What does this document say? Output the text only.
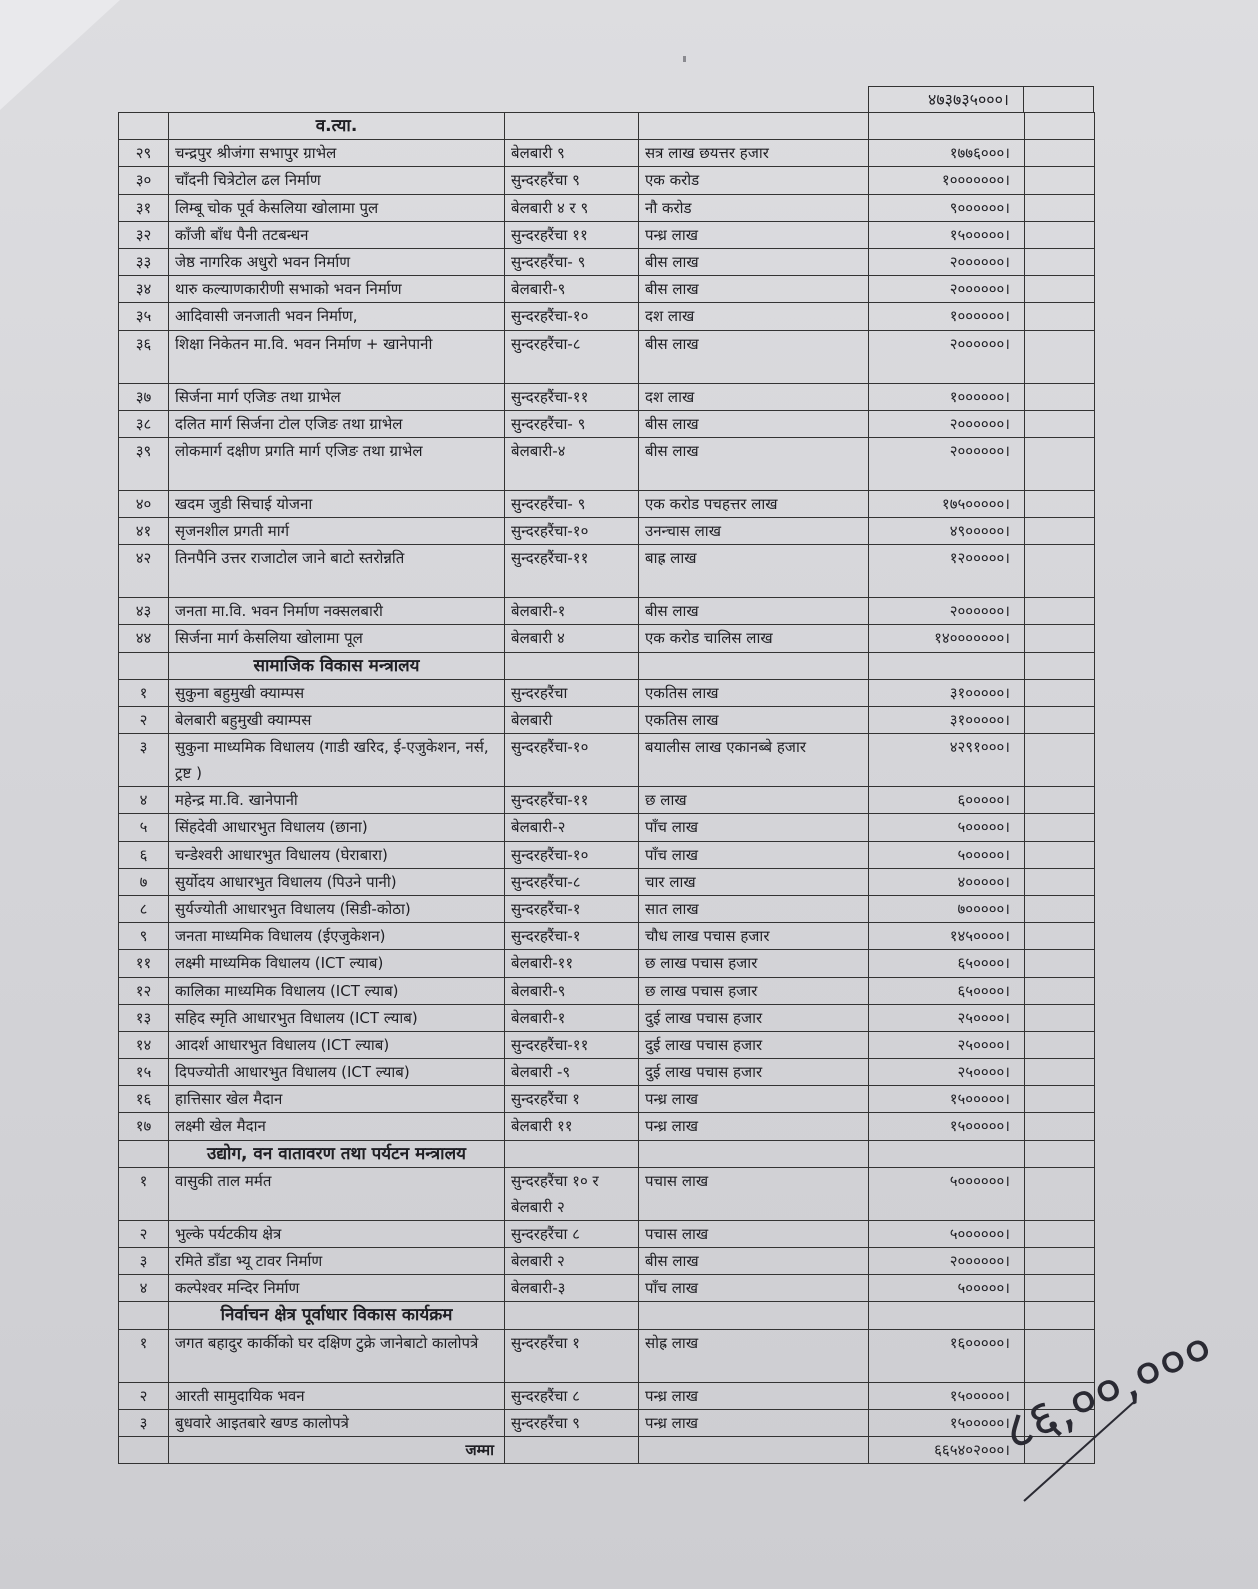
४७३७३५०००।
	व.त्या.				
२९	चन्द्रपुर श्रीजंगा सभापुर ग्राभेल	बेलबारी ९	सत्र लाख छयत्तर हजार	१७७६०००।	
३०	चाँदनी चित्रेटोल ढल निर्माण	सुन्दरहरैंचा ९	एक करोड	१०००००००।	
३१	लिम्बू चोक पूर्व केसलिया खोलामा पुल	बेलबारी ४ र ९	नौ करोड	९००००००।	
३२	काँजी बाँध पैनी तटबन्धन	सुन्दरहरैंचा ११	पन्ध्र लाख	१५०००००।	
३३	जेष्ठ नागरिक अधुरो भवन निर्माण	सुन्दरहरैंचा- ९	बीस लाख	२००००००।	
३४	थारु कल्याणकारीणी सभाको भवन निर्माण	बेलबारी-९	बीस लाख	२००००००।	
३५	आदिवासी जनजाती भवन निर्माण,	सुन्दरहरैंचा-१०	दश लाख	१००००००।	
३६	शिक्षा निकेतन मा.वि. भवन निर्माण + खानेपानी	सुन्दरहरैंचा-८	बीस लाख	२००००००।	
३७	सिर्जना मार्ग एजिङ तथा ग्राभेल	सुन्दरहरैंचा-११	दश लाख	१००००००।	
३८	दलित मार्ग सिर्जना टोल एजिङ तथा ग्राभेल	सुन्दरहरैंचा- ९	बीस लाख	२००००००।	
३९	लोकमार्ग दक्षीण प्रगति मार्ग एजिङ तथा ग्राभेल	बेलबारी-४	बीस लाख	२००००००।	
४०	खदम जुडी सिचाई योजना	सुन्दरहरैंचा- ९	एक करोड पचहत्तर लाख	१७५०००००।	
४१	सृजनशील प्रगती मार्ग	सुन्दरहरैंचा-१०	उनन्चास लाख	४९०००००।	
४२	तिनपैनि उत्तर राजाटोल जाने बाटो स्तरोन्नति	सुन्दरहरैंचा-११	बाह्र लाख	१२०००००।	
४३	जनता मा.वि. भवन निर्माण नक्सलबारी	बेलबारी-१	बीस लाख	२००००००।	
४४	सिर्जना मार्ग केसलिया खोलामा पूल	बेलबारी ४	एक करोड चालिस लाख	१४०००००००।	
	सामाजिक विकास मन्त्रालय				
१	सुकुना बहुमुखी क्याम्पस	सुन्दरहरैंचा	एकतिस लाख	३१०००००।	
२	बेलबारी बहुमुखी क्याम्पस	बेलबारी	एकतिस लाख	३१०००००।	
३	सुकुना माध्यमिक विधालय (गाडी खरिद, ई-एजुकेशन, नर्स, ट्रष्ट )	सुन्दरहरैंचा-१०	बयालीस लाख एकानब्बे हजार	४२९१०००।	
४	महेन्द्र मा.वि. खानेपानी	सुन्दरहरैंचा-११	छ लाख	६०००००।	
५	सिंहदेवी आधारभुत विधालय (छाना)	बेलबारी-२	पाँच लाख	५०००००।	
६	चन्डेश्वरी आधारभुत विधालय (घेराबारा)	सुन्दरहरैंचा-१०	पाँच लाख	५०००००।	
७	सुर्योदय आधारभुत विधालय (पिउने पानी)	सुन्दरहरैंचा-८	चार लाख	४०००००।	
८	सुर्यज्योती आधारभुत विधालय (सिडी-कोठा)	सुन्दरहरैंचा-१	सात लाख	७०००००।	
९	जनता माध्यमिक विधालय (ईएजुकेशन)	सुन्दरहरैंचा-१	चौध लाख पचास हजार	१४५००००।	
११	लक्ष्मी माध्यमिक विधालय (ICT ल्याब)	बेलबारी-११	छ लाख पचास हजार	६५००००।	
१२	कालिका माध्यमिक विधालय (ICT ल्याब)	बेलबारी-९	छ लाख पचास हजार	६५००००।	
१३	सहिद स्मृति आधारभुत विधालय (ICT ल्याब)	बेलबारी-१	दुई लाख पचास हजार	२५००००।	
१४	आदर्श आधारभुत विधालय (ICT ल्याब)	सुन्दरहरैंचा-११	दुई लाख पचास हजार	२५००००।	
१५	दिपज्योती आधारभुत विधालय (ICT ल्याब)	बेलबारी -९	दुई लाख पचास हजार	२५००००।	
१६	हात्तिसार खेल मैदान	सुन्दरहरैंचा १	पन्ध्र लाख	१५०००००।	
१७	लक्ष्मी खेल मैदान	बेलबारी ११	पन्ध्र लाख	१५०००००।	
	उद्योग, वन वातावरण तथा पर्यटन मन्त्रालय				
१	वासुकी ताल मर्मत	सुन्दरहरैंचा १० र बेलबारी २	पचास लाख	५००००००।	
२	भुल्के पर्यटकीय क्षेत्र	सुन्दरहरैंचा ८	पचास लाख	५००००००।	
३	रमिते डाँडा भ्यू टावर निर्माण	बेलबारी २	बीस लाख	२००००००।	
४	कल्पेश्वर मन्दिर निर्माण	बेलबारी-३	पाँच लाख	५०००००।	
	निर्वाचन क्षेत्र पूर्वाधार विकास कार्यक्रम				
१	जगत बहादुर कार्कीको घर दक्षिण टुक्रे जानेबाटो कालोपत्रे	सुन्दरहरैंचा १	सोह्र लाख	१६०००००।	
२	आरती सामुदायिक भवन	सुन्दरहरैंचा ८	पन्ध्र लाख	१५०००००।	
३	बुधवारे आइतबारे खण्ड कालोपत्रे	सुन्दरहरैंचा ९	पन्ध्र लाख	१५०००००।	
	जम्मा			६६५४०२०००।	
८६,००,०००
